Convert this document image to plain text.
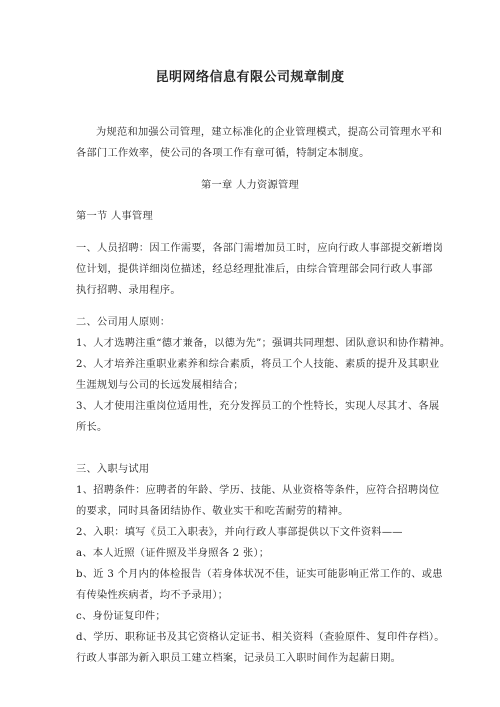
昆明网络信息有限公司规章制度
为规范和加强公司管理，建立标准化的企业管理模式，提高公司管理水平和
各部门工作效率，使公司的各项工作有章可循，特制定本制度。
第一章 人力资源管理
第一节 人事管理
一、人员招聘：因工作需要，各部门需增加员工时，应向行政人事部提交新增岗
位计划，提供详细岗位描述，经总经理批准后，由综合管理部会同行政人事部
执行招聘、录用程序。
二、公司用人原则：
1、人才选聘注重“德才兼备，以德为先”；强调共同理想、团队意识和协作精神。
2、人才培养注重职业素养和综合素质，将员工个人技能、素质的提升及其职业
生涯规划与公司的长远发展相结合；
3、人才使用注重岗位适用性，充分发挥员工的个性特长，实现人尽其才、各展
所长。
三、入职与试用
1、招聘条件：应聘者的年龄、学历、技能、从业资格等条件，应符合招聘岗位
的要求，同时具备团结协作、敬业实干和吃苦耐劳的精神。
2、入职：填写《员工入职表》，并向行政人事部提供以下文件资料——
a、本人近照（证件照及半身照各 2 张）；
b、近 3 个月内的体检报告（若身体状况不佳，证实可能影响正常工作的、或患
有传染性疾病者，均不予录用）；
c、身份证复印件；
d、学历、职称证书及其它资格认定证书、相关资料（查验原件、复印件存档）。
行政人事部为新入职员工建立档案，记录员工入职时间作为起薪日期。
